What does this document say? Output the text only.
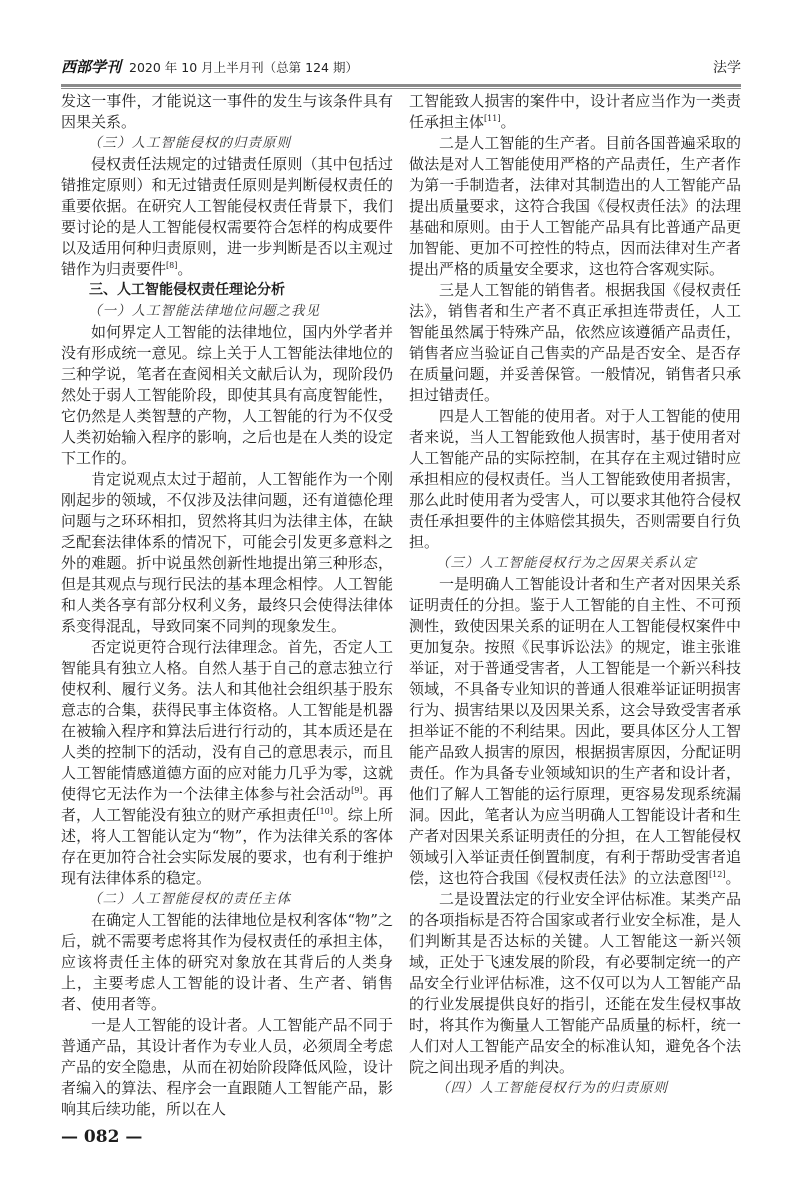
西部学刊 2020 年 10 月上半月刊（总第 124 期）	法学

发这一事件，才能说这一事件的发生与该条件具有因果关系。

（三）人工智能侵权的归责原则

侵权责任法规定的过错责任原则（其中包括过错推定原则）和无过错责任原则是判断侵权责任的重要依据。在研究人工智能侵权责任背景下，我们要讨论的是人工智能侵权需要符合怎样的构成要件以及适用何种归责原则，进一步判断是否以主观过错作为归责要件[8]。

三、人工智能侵权责任理论分析

（一）人工智能法律地位问题之我见

如何界定人工智能的法律地位，国内外学者并没有形成统一意见。综上关于人工智能法律地位的三种学说，笔者在查阅相关文献后认为，现阶段仍然处于弱人工智能阶段，即使其具有高度智能性，它仍然是人类智慧的产物，人工智能的行为不仅受人类初始输入程序的影响，之后也是在人类的设定下工作的。

肯定说观点太过于超前，人工智能作为一个刚刚起步的领域，不仅涉及法律问题，还有道德伦理问题与之环环相扣，贸然将其归为法律主体，在缺乏配套法律体系的情况下，可能会引发更多意料之外的难题。折中说虽然创新性地提出第三种形态，但是其观点与现行民法的基本理念相悖。人工智能和人类各享有部分权利义务，最终只会使得法律体系变得混乱，导致同案不同判的现象发生。

否定说更符合现行法律理念。首先，否定人工智能具有独立人格。自然人基于自己的意志独立行使权利、履行义务。法人和其他社会组织基于股东意志的合集，获得民事主体资格。人工智能是机器在被输入程序和算法后进行行动的，其本质还是在人类的控制下的活动，没有自己的意思表示，而且人工智能情感道德方面的应对能力几乎为零，这就使得它无法作为一个法律主体参与社会活动[9]。再者，人工智能没有独立的财产承担责任[10]。综上所述，将人工智能认定为“物”，作为法律关系的客体存在更加符合社会实际发展的要求，也有利于维护现有法律体系的稳定。

（二）人工智能侵权的责任主体

在确定人工智能的法律地位是权利客体“物”之后，就不需要考虑将其作为侵权责任的承担主体，应该将责任主体的研究对象放在其背后的人类身上，主要考虑人工智能的设计者、生产者、销售者、使用者等。

一是人工智能的设计者。人工智能产品不同于普通产品，其设计者作为专业人员，必须周全考虑产品的安全隐患，从而在初始阶段降低风险，设计者编入的算法、程序会一直跟随人工智能产品，影响其后续功能，所以在人

工智能致人损害的案件中，设计者应当作为一类责任承担主体[11]。

二是人工智能的生产者。目前各国普遍采取的做法是对人工智能使用严格的产品责任，生产者作为第一手制造者，法律对其制造出的人工智能产品提出质量要求，这符合我国《侵权责任法》的法理基础和原则。由于人工智能产品具有比普通产品更加智能、更加不可控性的特点，因而法律对生产者提出严格的质量安全要求，这也符合客观实际。

三是人工智能的销售者。根据我国《侵权责任法》，销售者和生产者不真正承担连带责任，人工智能虽然属于特殊产品，依然应该遵循产品责任，销售者应当验证自己售卖的产品是否安全、是否存在质量问题，并妥善保管。一般情况，销售者只承担过错责任。

四是人工智能的使用者。对于人工智能的使用者来说，当人工智能致他人损害时，基于使用者对人工智能产品的实际控制，在其存在主观过错时应承担相应的侵权责任。当人工智能致使用者损害，那么此时使用者为受害人，可以要求其他符合侵权责任承担要件的主体赔偿其损失，否则需要自行负担。

（三）人工智能侵权行为之因果关系认定

一是明确人工智能设计者和生产者对因果关系证明责任的分担。鉴于人工智能的自主性、不可预测性，致使因果关系的证明在人工智能侵权案件中更加复杂。按照《民事诉讼法》的规定，谁主张谁举证，对于普通受害者，人工智能是一个新兴科技领域，不具备专业知识的普通人很难举证证明损害行为、损害结果以及因果关系，这会导致受害者承担举证不能的不利结果。因此，要具体区分人工智能产品致人损害的原因，根据损害原因，分配证明责任。作为具备专业领域知识的生产者和设计者，他们了解人工智能的运行原理，更容易发现系统漏洞。因此，笔者认为应当明确人工智能设计者和生产者对因果关系证明责任的分担，在人工智能侵权领域引入举证责任倒置制度，有利于帮助受害者追偿，这也符合我国《侵权责任法》的立法意图[12]。

二是设置法定的行业安全评估标准。某类产品的各项指标是否符合国家或者行业安全标准，是人们判断其是否达标的关键。人工智能这一新兴领域，正处于飞速发展的阶段，有必要制定统一的产品安全行业评估标准，这不仅可以为人工智能产品的行业发展提供良好的指引，还能在发生侵权事故时，将其作为衡量人工智能产品质量的标杆，统一人们对人工智能产品安全的标准认知，避免各个法院之间出现矛盾的判决。

（四）人工智能侵权行为的归责原则

— 082 —
